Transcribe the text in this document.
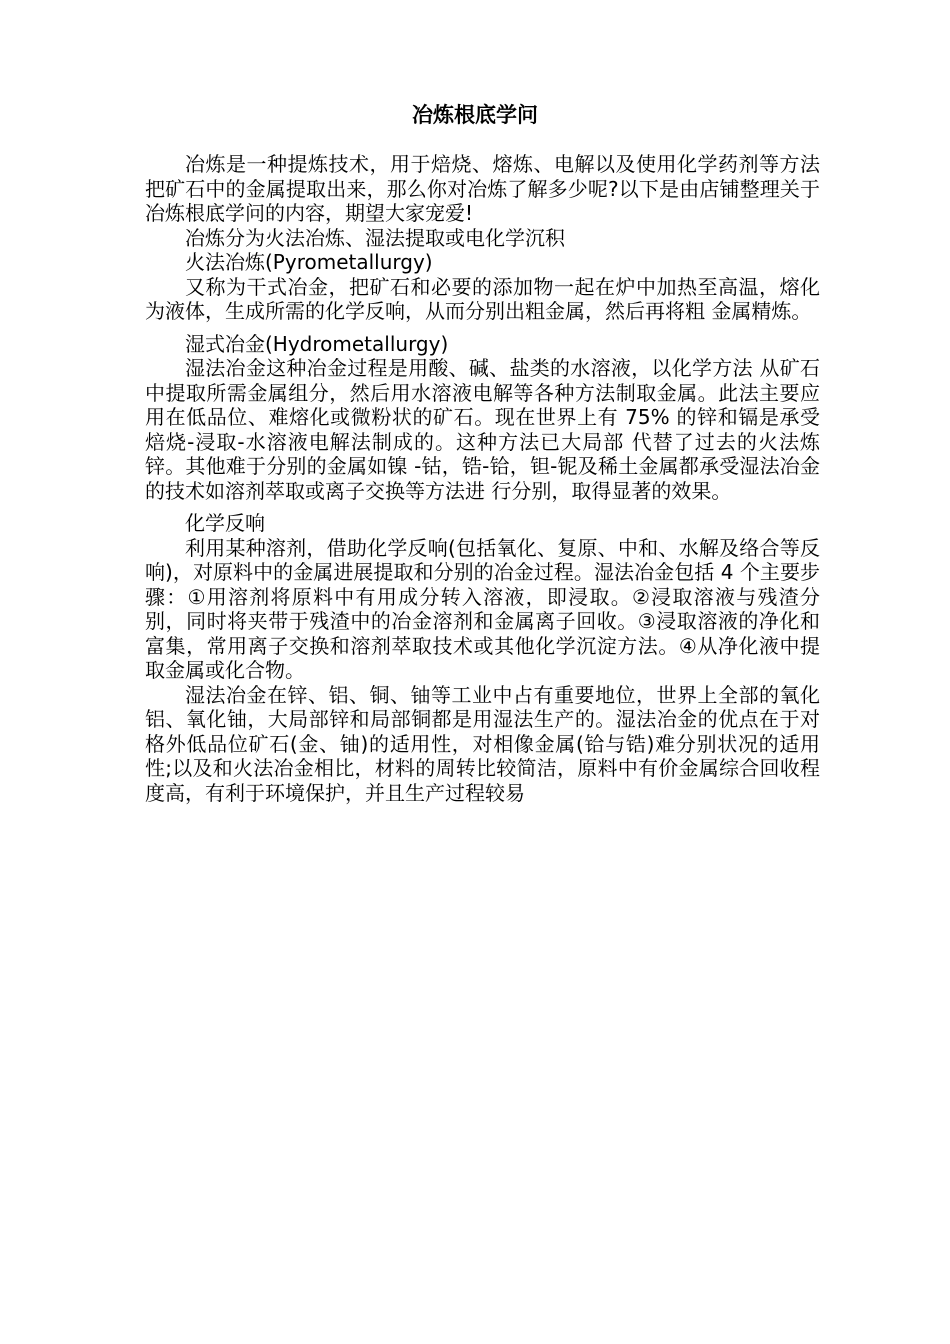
冶炼根底学问

冶炼是一种提炼技术，用于焙烧、熔炼、电解以及使用化学药剂等方法把矿石中的金属提取出来，那么你对冶炼了解多少呢?以下是由店铺整理关于冶炼根底学问的内容，期望大家宠爱!

冶炼分为火法冶炼、湿法提取或电化学沉积

火法冶炼(Pyrometallurgy)

又称为干式冶金，把矿石和必要的添加物一起在炉中加热至高温，熔化为液体，生成所需的化学反响，从而分别出粗金属，然后再将粗 金属精炼。

湿式冶金(Hydrometallurgy)

湿法冶金这种冶金过程是用酸、碱、盐类的水溶液，以化学方法 从矿石中提取所需金属组分，然后用水溶液电解等各种方法制取金属。此法主要应用在低品位、难熔化或微粉状的矿石。现在世界上有 75% 的锌和镉是承受焙烧-浸取-水溶液电解法制成的。这种方法已大局部 代替了过去的火法炼锌。其他难于分别的金属如镍 -钴，锆-铪，钽-铌及稀土金属都承受湿法冶金的技术如溶剂萃取或离子交换等方法进 行分别，取得显著的效果。

化学反响

利用某种溶剂，借助化学反响(包括氧化、复原、中和、水解及络合等反响)，对原料中的金属进展提取和分别的冶金过程。湿法冶金包括 4 个主要步骤：①用溶剂将原料中有用成分转入溶液，即浸取。②浸取溶液与残渣分别，同时将夹带于残渣中的冶金溶剂和金属离子回收。③浸取溶液的净化和富集，常用离子交换和溶剂萃取技术或其他化学沉淀方法。④从净化液中提取金属或化合物。

湿法冶金在锌、铝、铜、铀等工业中占有重要地位，世界上全部的氧化铝、氧化铀，大局部锌和局部铜都是用湿法生产的。湿法冶金的优点在于对格外低品位矿石(金、铀)的适用性，对相像金属(铪与锆)难分别状况的适用性;以及和火法冶金相比，材料的周转比较简洁，原料中有价金属综合回收程度高，有利于环境保护，并且生产过程较易
